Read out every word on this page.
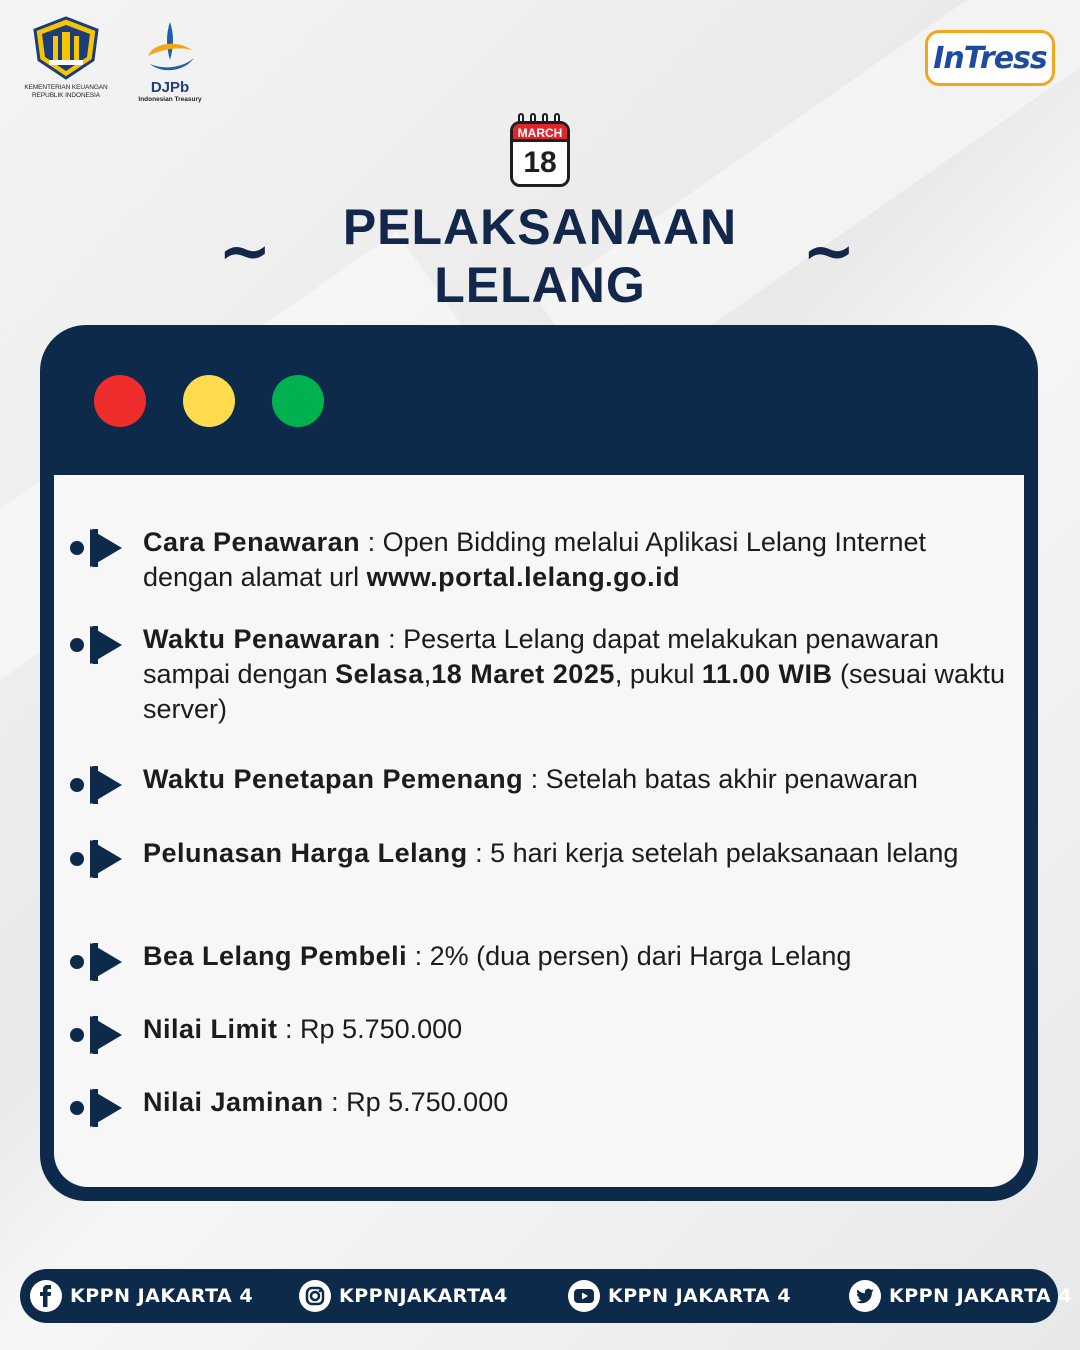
KEMENTERIAN KEUANGAN
REPUBLIK INDONESIA	DJPb
Indonesian Treasury
InTress
MARCH
18
~	PELAKSANAAN
LELANG	~
Cara Penawaran : Open Bidding melalui Aplikasi Lelang Internet dengan alamat url www.portal.lelang.go.id
Waktu Penawaran : Peserta Lelang dapat melakukan penawaran sampai dengan Selasa,18 Maret 2025, pukul 11.00 WIB (sesuai waktu server)
Waktu Penetapan Pemenang : Setelah batas akhir penawaran
Pelunasan Harga Lelang : 5 hari kerja setelah pelaksanaan lelang
Bea Lelang Pembeli : 2% (dua persen) dari Harga Lelang
Nilai Limit : Rp 5.750.000
Nilai Jaminan : Rp 5.750.000
KPPN JAKARTA 4	KPPNJAKARTA4	KPPN JAKARTA 4	KPPN JAKARTA 4
